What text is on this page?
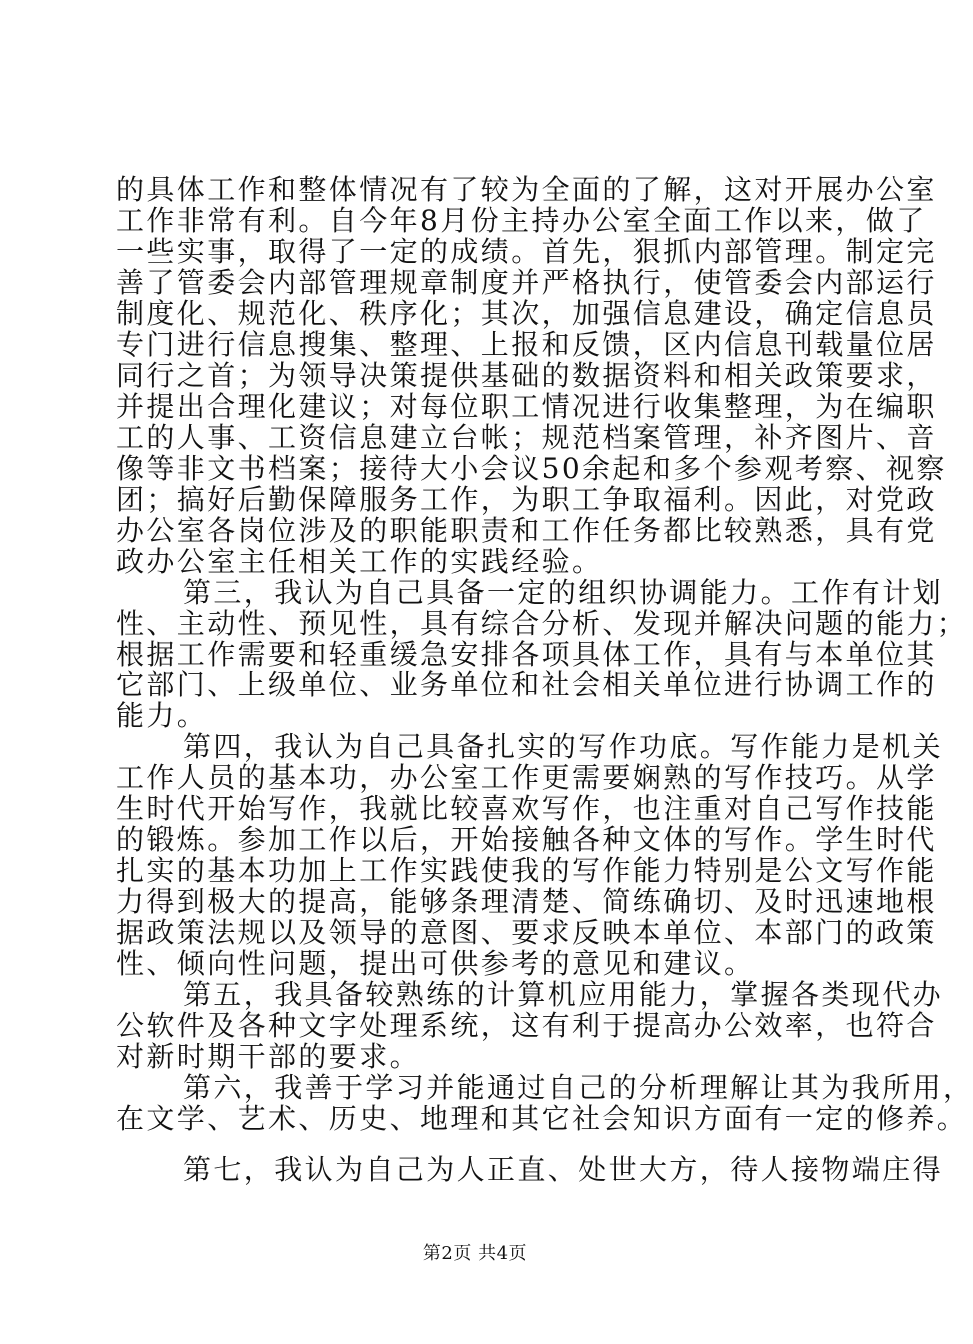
的具体工作和整体情况有了较为全面的了解，这对开展办公室
工作非常有利。自今年8月份主持办公室全面工作以来，做了
一些实事，取得了一定的成绩。首先，狠抓内部管理。制定完
善了管委会内部管理规章制度并严格执行，使管委会内部运行
制度化、规范化、秩序化；其次，加强信息建设，确定信息员
专门进行信息搜集、整理、上报和反馈，区内信息刊载量位居
同行之首；为领导决策提供基础的数据资料和相关政策要求，
并提出合理化建议；对每位职工情况进行收集整理，为在编职
工的人事、工资信息建立台帐；规范档案管理，补齐图片、音
像等非文书档案；接待大小会议50余起和多个参观考察、视察
团；搞好后勤保障服务工作，为职工争取福利。因此，对党政
办公室各岗位涉及的职能职责和工作任务都比较熟悉，具有党
政办公室主任相关工作的实践经验。
第三，我认为自己具备一定的组织协调能力。工作有计划
性、主动性、预见性，具有综合分析、发现并解决问题的能力；
根据工作需要和轻重缓急安排各项具体工作，具有与本单位其
它部门、上级单位、业务单位和社会相关单位进行协调工作的
能力。
第四，我认为自己具备扎实的写作功底。写作能力是机关
工作人员的基本功，办公室工作更需要娴熟的写作技巧。从学
生时代开始写作，我就比较喜欢写作，也注重对自己写作技能
的锻炼。参加工作以后，开始接触各种文体的写作。学生时代
扎实的基本功加上工作实践使我的写作能力特别是公文写作能
力得到极大的提高，能够条理清楚、简练确切、及时迅速地根
据政策法规以及领导的意图、要求反映本单位、本部门的政策
性、倾向性问题，提出可供参考的意见和建议。
第五，我具备较熟练的计算机应用能力，掌握各类现代办
公软件及各种文字处理系统，这有利于提高办公效率，也符合
对新时期干部的要求。
第六，我善于学习并能通过自己的分析理解让其为我所用，
在文学、艺术、历史、地理和其它社会知识方面有一定的修养。
第七，我认为自己为人正直、处世大方，待人接物端庄得
第2页 共4页
